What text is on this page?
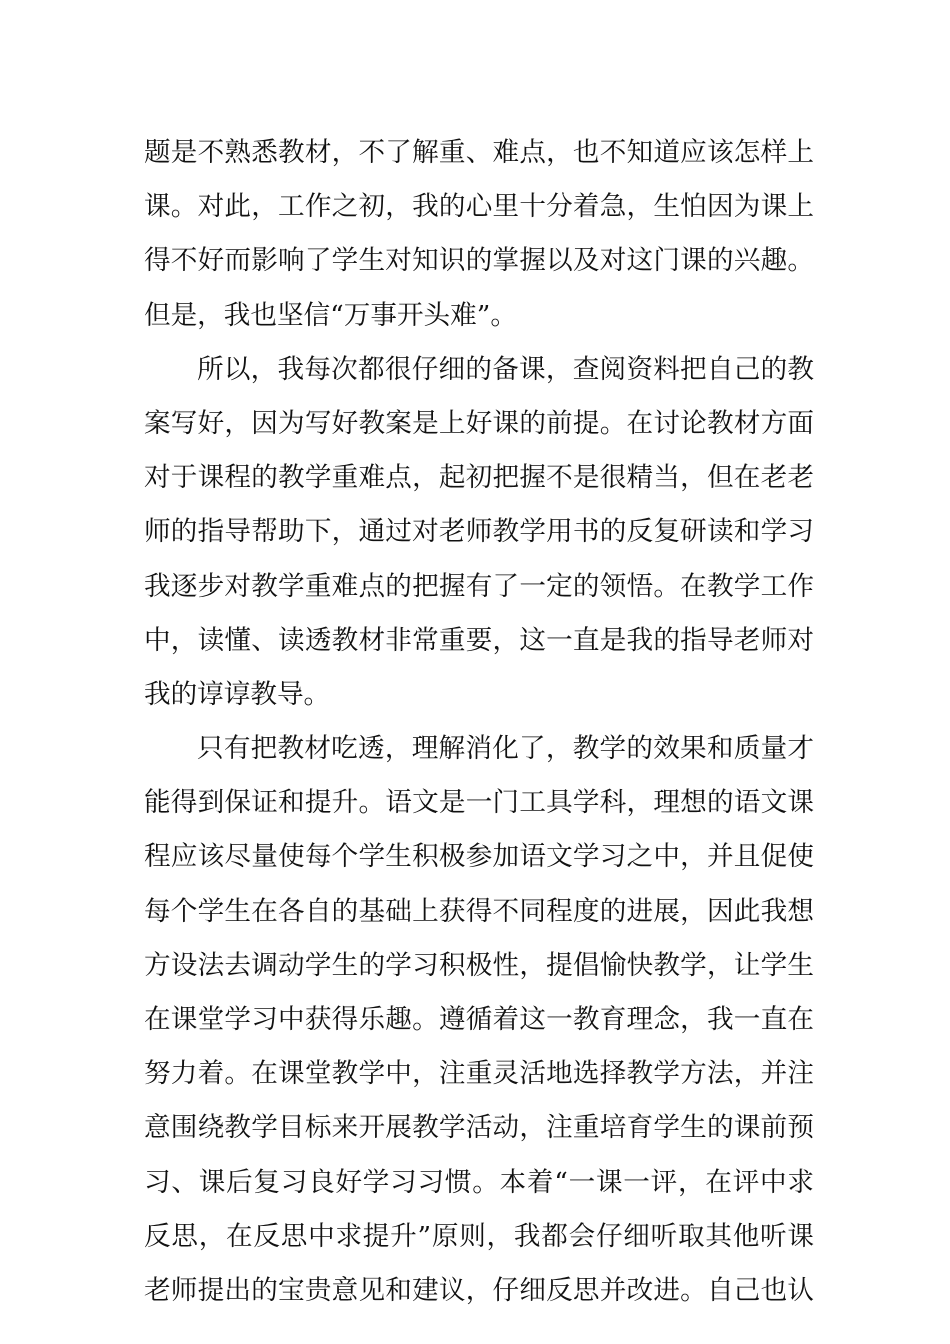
题是不熟悉教材，不了解重、难点，也不知道应该怎样上
课。对此，工作之初，我的心里十分着急，生怕因为课上
得不好而影响了学生对知识的掌握以及对这门课的兴趣。
但是，我也坚信“万事开头难”。
所以，我每次都很仔细的备课，查阅资料把自己的教
案写好，因为写好教案是上好课的前提。在讨论教材方面
对于课程的教学重难点，起初把握不是很精当，但在老老
师的指导帮助下，通过对老师教学用书的反复研读和学习
我逐步对教学重难点的把握有了一定的领悟。在教学工作
中，读懂、读透教材非常重要，这一直是我的指导老师对
我的谆谆教导。
只有把教材吃透，理解消化了，教学的效果和质量才
能得到保证和提升。语文是一门工具学科，理想的语文课
程应该尽量使每个学生积极参加语文学习之中，并且促使
每个学生在各自的基础上获得不同程度的进展，因此我想
方设法去调动学生的学习积极性，提倡愉快教学，让学生
在课堂学习中获得乐趣。遵循着这一教育理念，我一直在
努力着。在课堂教学中，注重灵活地选择教学方法，并注
意围绕教学目标来开展教学活动，注重培育学生的课前预
习、课后复习良好学习习惯。本着“一课一评，在评中求
反思，在反思中求提升”原则，我都会仔细听取其他听课
老师提出的宝贵意见和建议，仔细反思并改进。自己也认
